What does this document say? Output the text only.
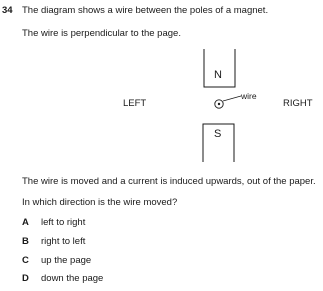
34 The diagram shows a wire between the poles of a magnet.
The wire is perpendicular to the page.
N
S
wire
LEFT	RIGHT
The wire is moved and a current is induced upwards, out of the paper.
In which direction is the wire moved?
A left to right
B right to left
C up the page
D down the page
